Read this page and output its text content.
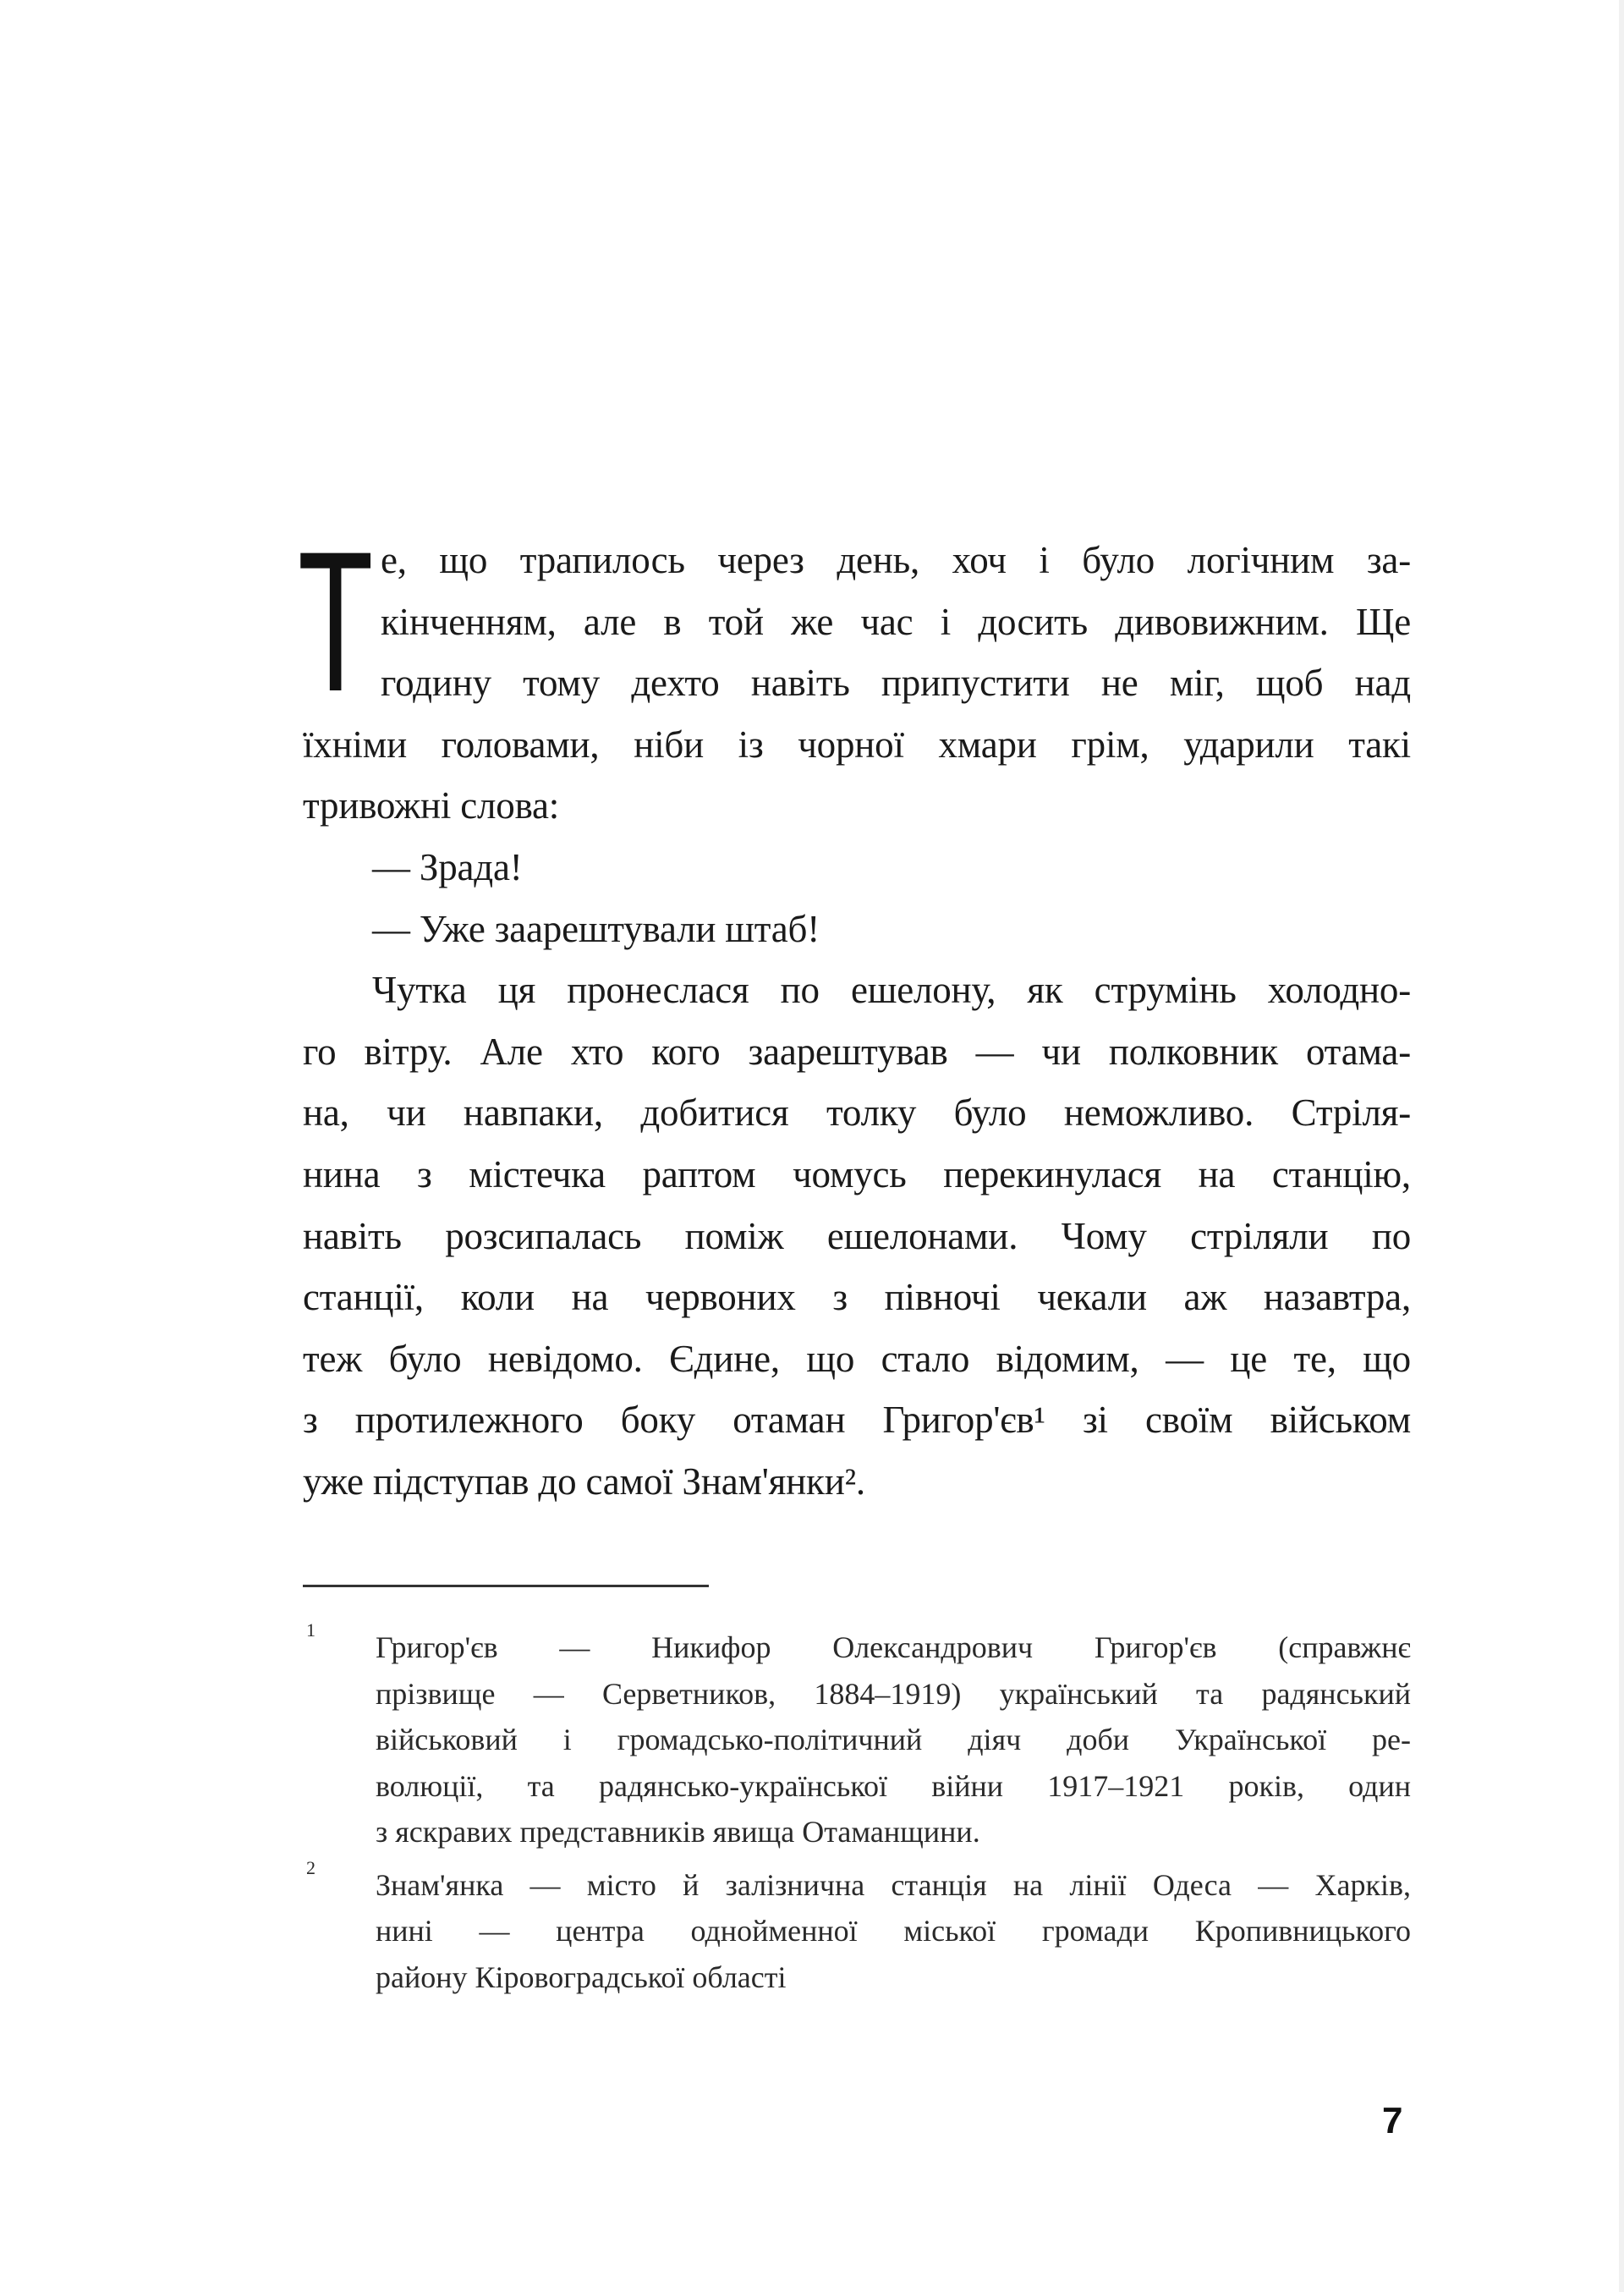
Т е, що трапилось через день, хоч і було логічним за-
кінченням, але в той же час і досить дивовижним. Ще
годину тому дехто навіть припустити не міг, щоб над
їхніми головами, ніби із чорної хмари грім, ударили такі
тривожні слова:
— Зрада!
— Уже заарештували штаб!
Чутка ця пронеслася по ешелону, як струмінь холодно-
го вітру. Але хто кого заарештував — чи полковник отама-
на, чи навпаки, добитися толку було неможливо. Стріля-
нина з містечка раптом чомусь перекинулася на станцію,
навіть розсипалась поміж ешелонами. Чому стріляли по
станції, коли на червоних з півночі чекали аж назавтра,
теж було невідомо. Єдине, що стало відомим, — це те, що
з протилежного боку отаман Григор'єв¹ зі своїм військом
уже підступав до самої Знам'янки².
1
Григор'єв — Никифор Олександрович Григор'єв (справжнє
прізвище — Серветников, 1884–1919) український та радянський
військовий і громадсько-політичний діяч доби Української ре-
волюції, та радянсько-української війни 1917–1921 років, один
з яскравих представників явища Отаманщини.
2
Знам'янка — місто й залізнична станція на лінії Одеса — Харків,
нині — центра однойменної міської громади Кропивницького
району Кіровоградської області
7
